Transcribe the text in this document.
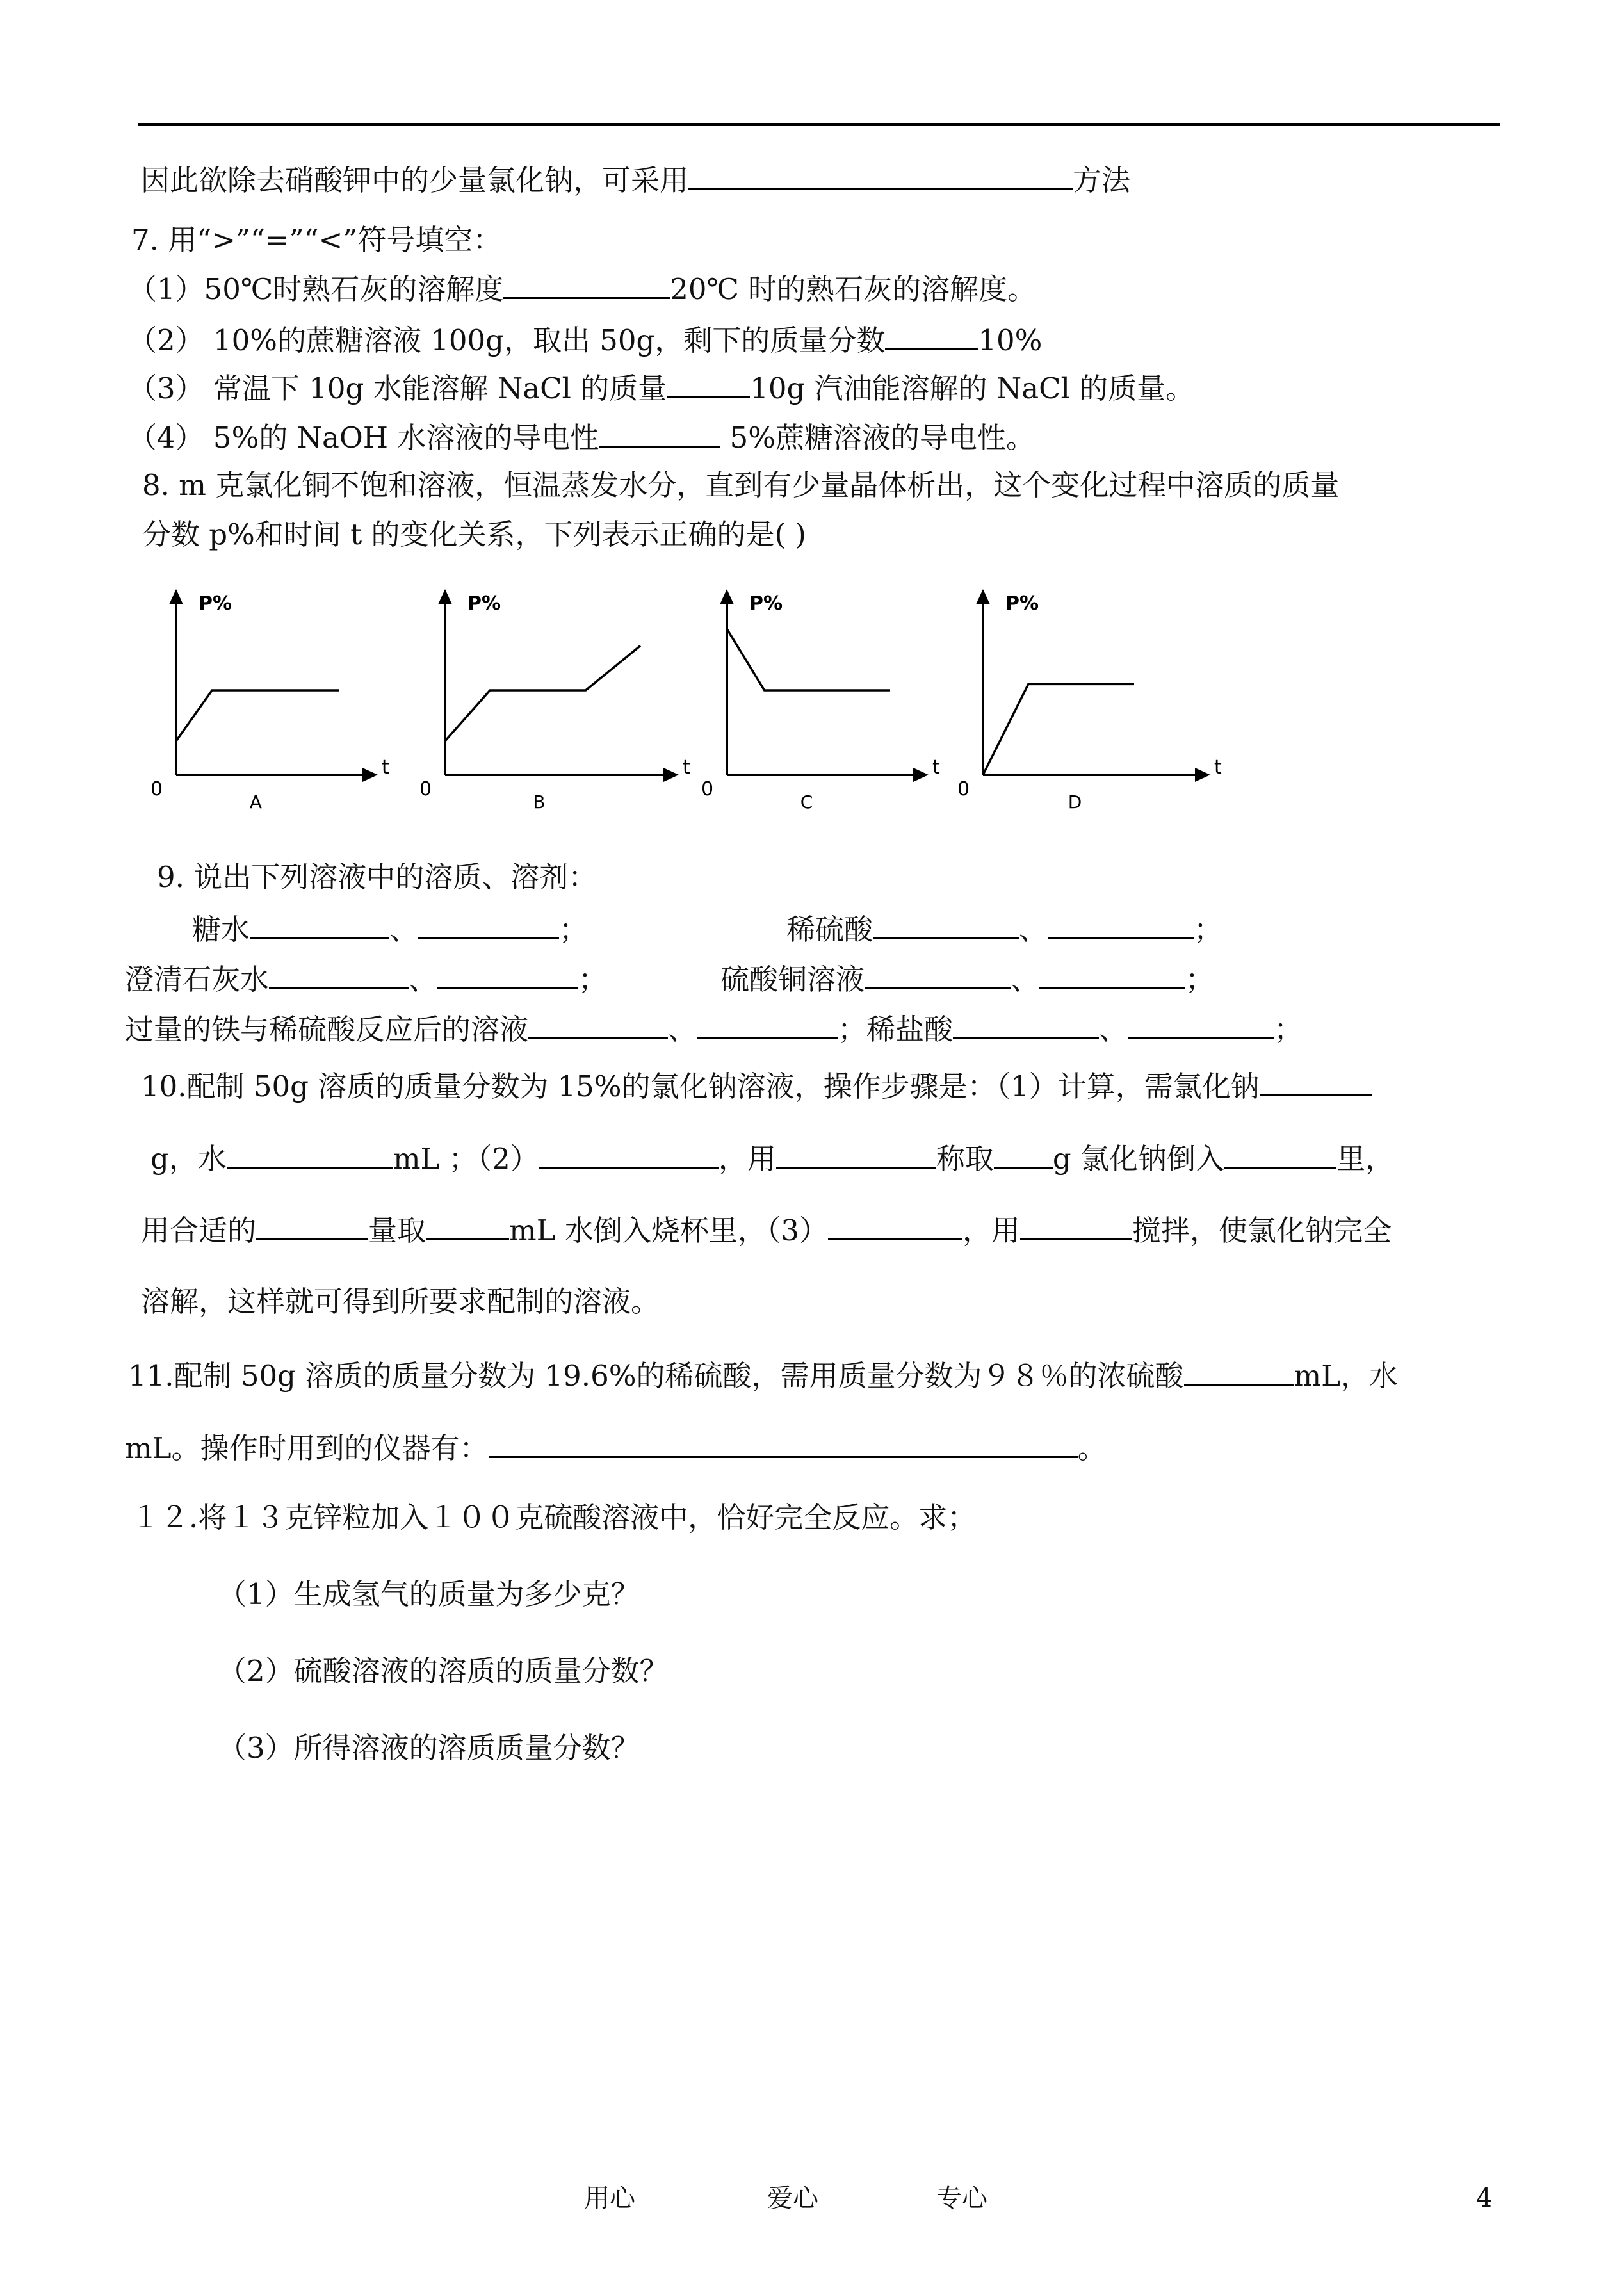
因此欲除去硝酸钾中的少量氯化钠，可采用	方法
7. 用“>”“=”“<”符号填空：
（1）50℃时熟石灰的溶解度	20℃ 时的熟石灰的溶解度。
（2） 10%的蔗糖溶液 100g，取出 50g，剩下的质量分数	10%
（3） 常温下 10g 水能溶解 NaCl 的质量	10g 汽油能溶解的 NaCl 的质量。
（4） 5%的 NaOH 水溶液的导电性	5%蔗糖溶液的导电性。
8. m 克氯化铜不饱和溶液，恒温蒸发水分，直到有少量晶体析出，这个变化过程中溶质的质量
分数 p%和时间 t 的变化关系，下列表示正确的是( )
P%
t
0
A
P%
t
0
B
P%
t
0
C
P%
t
0
D
9. 说出下列溶液中的溶质、溶剂：
糖水	、	；	稀硫酸	、	；
澄清石灰水	、	；	硫酸铜溶液	、	；
过量的铁与稀硫酸反应后的溶液	、	；稀盐酸	、	；
10.配制 50g 溶质的质量分数为 15%的氯化钠溶液，操作步骤是：（1）计算，需氯化钠
g，水	mL ；（2）	，用	称取 g 氯化钠倒入	里，
用合适的	量取	mL 水倒入烧杯里，（3）	，用	搅拌，使氯化钠完全
溶解，这样就可得到所要求配制的溶液。
11.配制 50g 溶质的质量分数为 19.6%的稀硫酸，需用质量分数为９８％的浓硫酸	mL，水
mL。操作时用到的仪器有：	。
１２.将１３克锌粒加入１００克硫酸溶液中，恰好完全反应。求；
（1）生成氢气的质量为多少克？
（2）硫酸溶液的溶质的质量分数？
（3）所得溶液的溶质质量分数？
用心	爱心	专心	4
